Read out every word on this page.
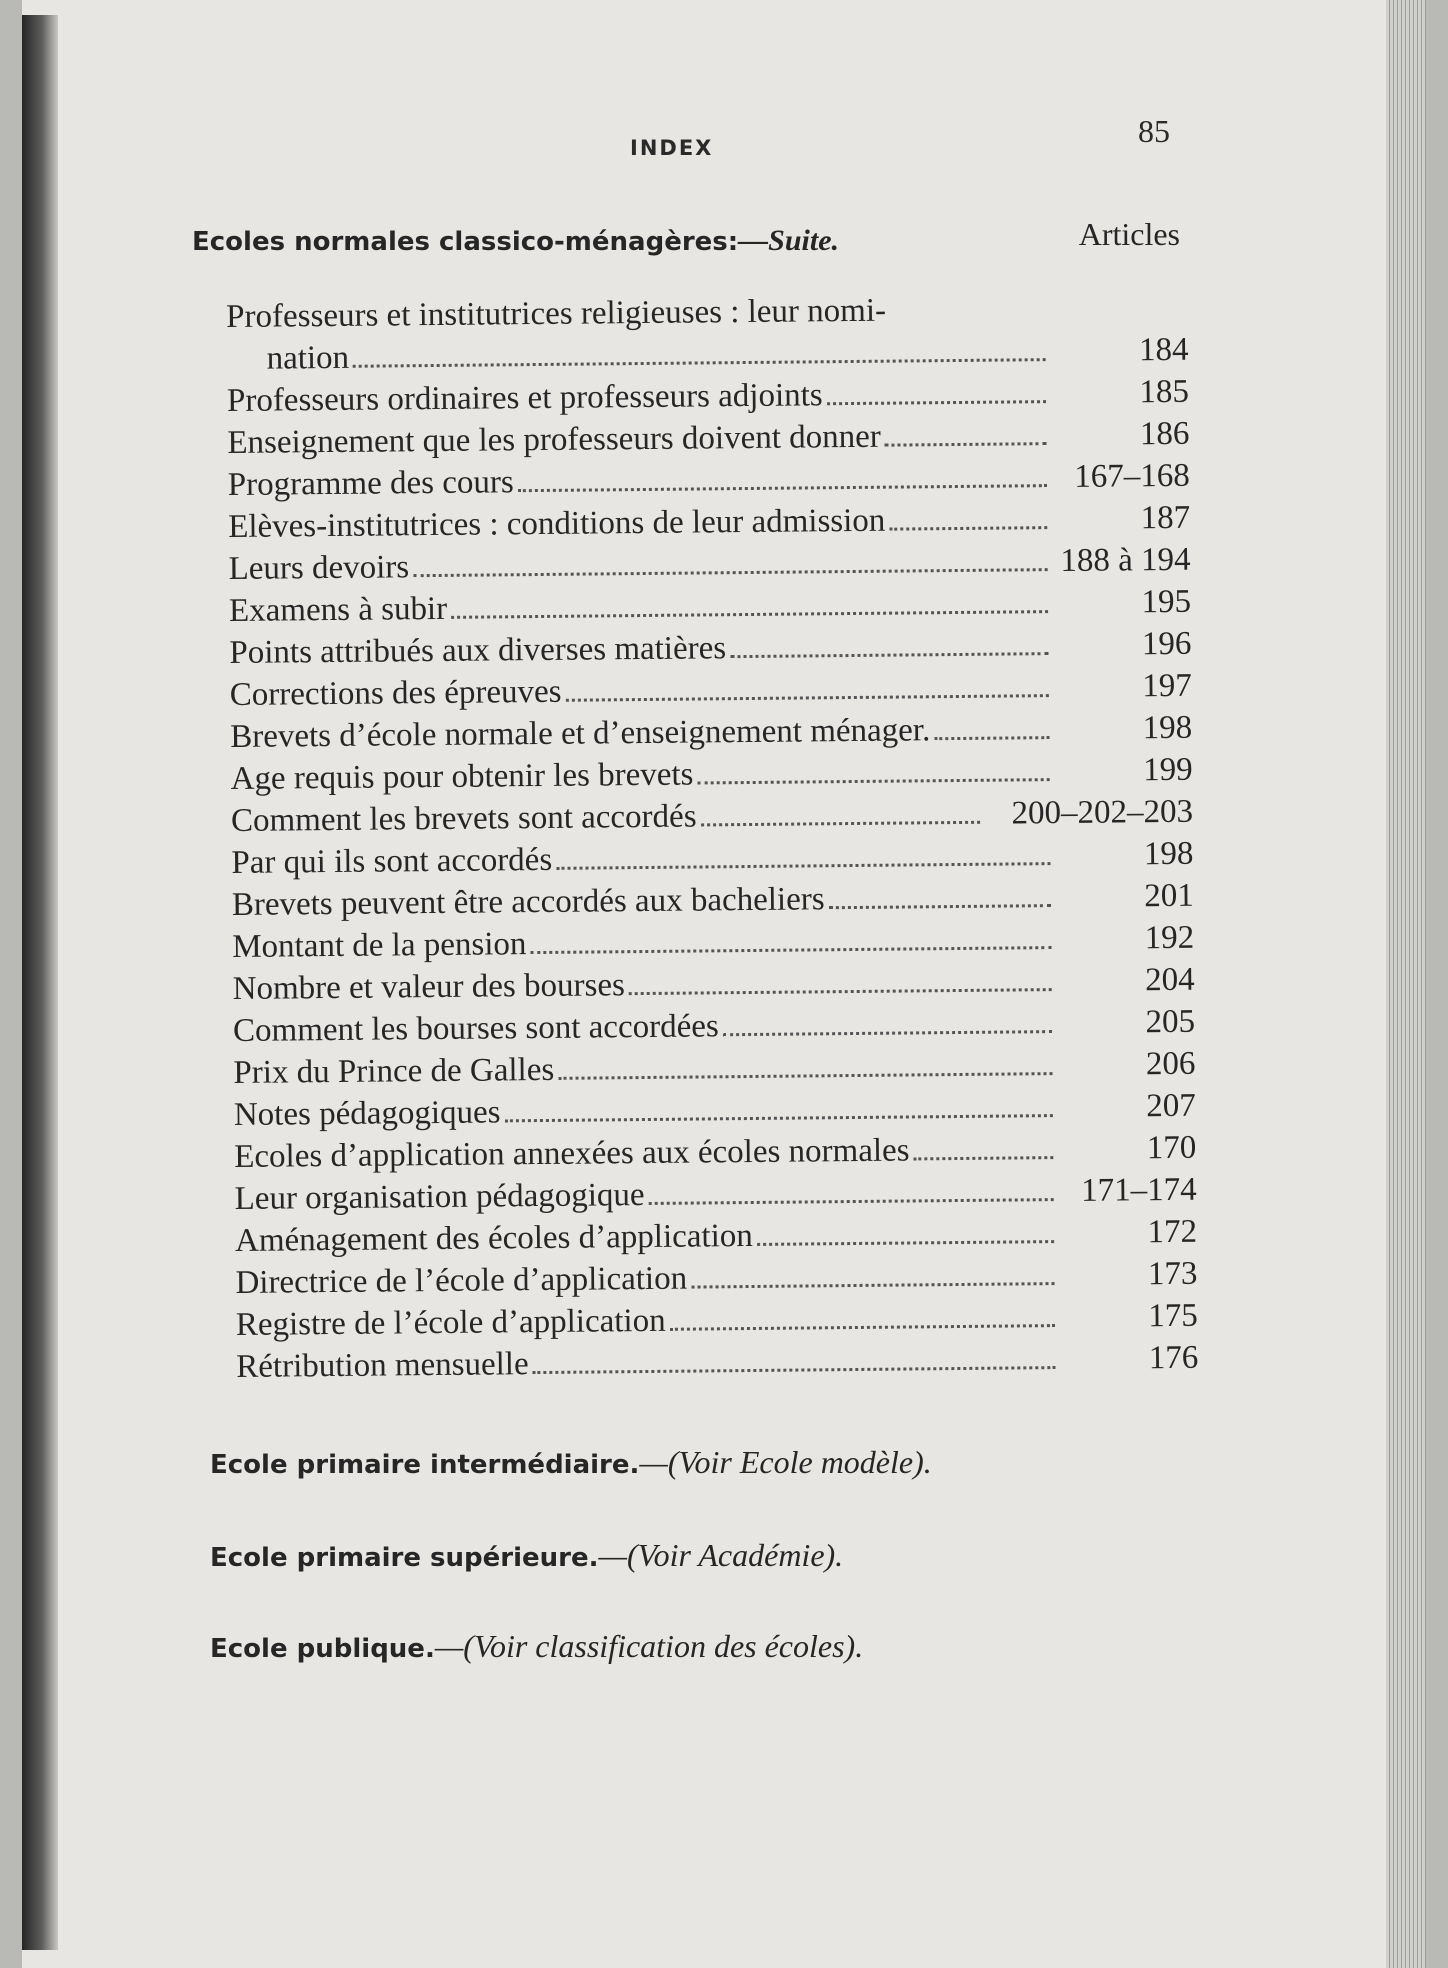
INDEX	85
Ecoles normales classico-ménagères:—Suite.	Articles
Professeurs et institutrices religieuses : leur nomi-
nation	184
Professeurs ordinaires et professeurs adjoints	185
Enseignement que les professeurs doivent donner	186
Programme des cours	167–168
Elèves-institutrices : conditions de leur admission	187
Leurs devoirs	188 à 194
Examens à subir	195
Points attribués aux diverses matières	196
Corrections des épreuves	197
Brevets d’école normale et d’enseignement ménager.	198
Age requis pour obtenir les brevets	199
Comment les brevets sont accordés	200–202–203
Par qui ils sont accordés	198
Brevets peuvent être accordés aux bacheliers	201
Montant de la pension	192
Nombre et valeur des bourses	204
Comment les bourses sont accordées	205
Prix du Prince de Galles	206
Notes pédagogiques	207
Ecoles d’application annexées aux écoles normales	170
Leur organisation pédagogique	171–174
Aménagement des écoles d’application	172
Directrice de l’école d’application	173
Registre de l’école d’application	175
Rétribution mensuelle	176
Ecole primaire intermédiaire.—(Voir Ecole modèle).
Ecole primaire supérieure.—(Voir Académie).
Ecole publique.—(Voir classification des écoles).
